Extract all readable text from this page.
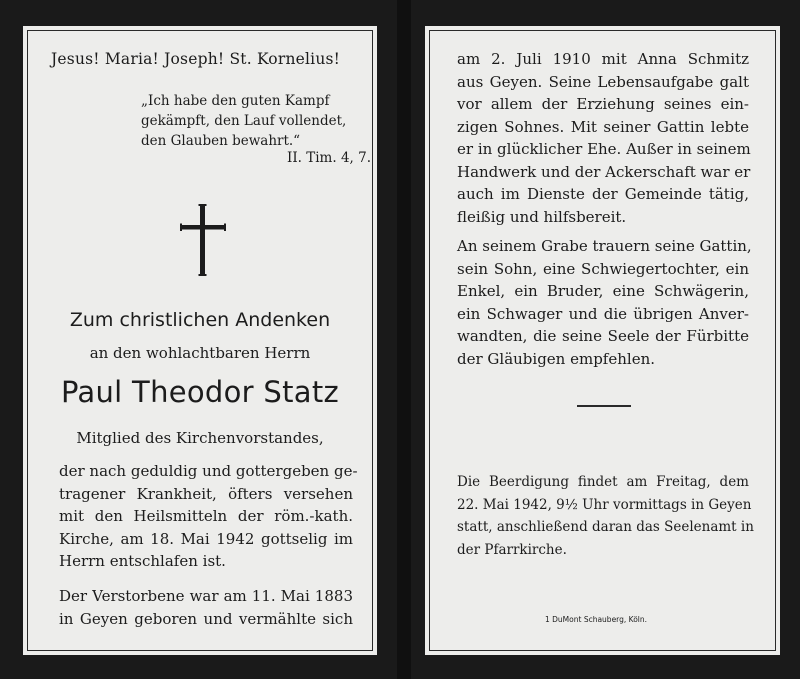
Jesus! Maria! Joseph! St. Kornelius!
„Ich habe den guten Kampf
gekämpft, den Lauf vollendet,
den Glauben bewahrt.“
II. Tim. 4, 7.
Zum christlichen Andenken
an den wohlachtbaren Herrn
Paul Theodor Statz
Mitglied des Kirchenvorstandes,
der nach geduldig und gottergeben ge-
tragener Krankheit, öfters versehen
mit den Heilsmitteln der röm.-kath.
Kirche, am 18. Mai 1942 gottselig im
Herrn entschlafen ist.
Der Verstorbene war am 11. Mai 1883
in Geyen geboren und vermählte sich
am 2. Juli 1910 mit Anna Schmitz
aus Geyen. Seine Lebensaufgabe galt
vor allem der Erziehung seines ein-
zigen Sohnes. Mit seiner Gattin lebte
er in glücklicher Ehe. Außer in seinem
Handwerk und der Ackerschaft war er
auch im Dienste der Gemeinde tätig,
fleißig und hilfsbereit.
An seinem Grabe trauern seine Gattin,
sein Sohn, eine Schwiegertochter, ein
Enkel, ein Bruder, eine Schwägerin,
ein Schwager und die übrigen Anver-
wandten, die seine Seele der Fürbitte
der Gläubigen empfehlen.
Die Beerdigung findet am Freitag, dem
22. Mai 1942, 9½ Uhr vormittags in Geyen
statt, anschließend daran das Seelenamt in
der Pfarrkirche.
1 DuMont Schauberg, Köln.
